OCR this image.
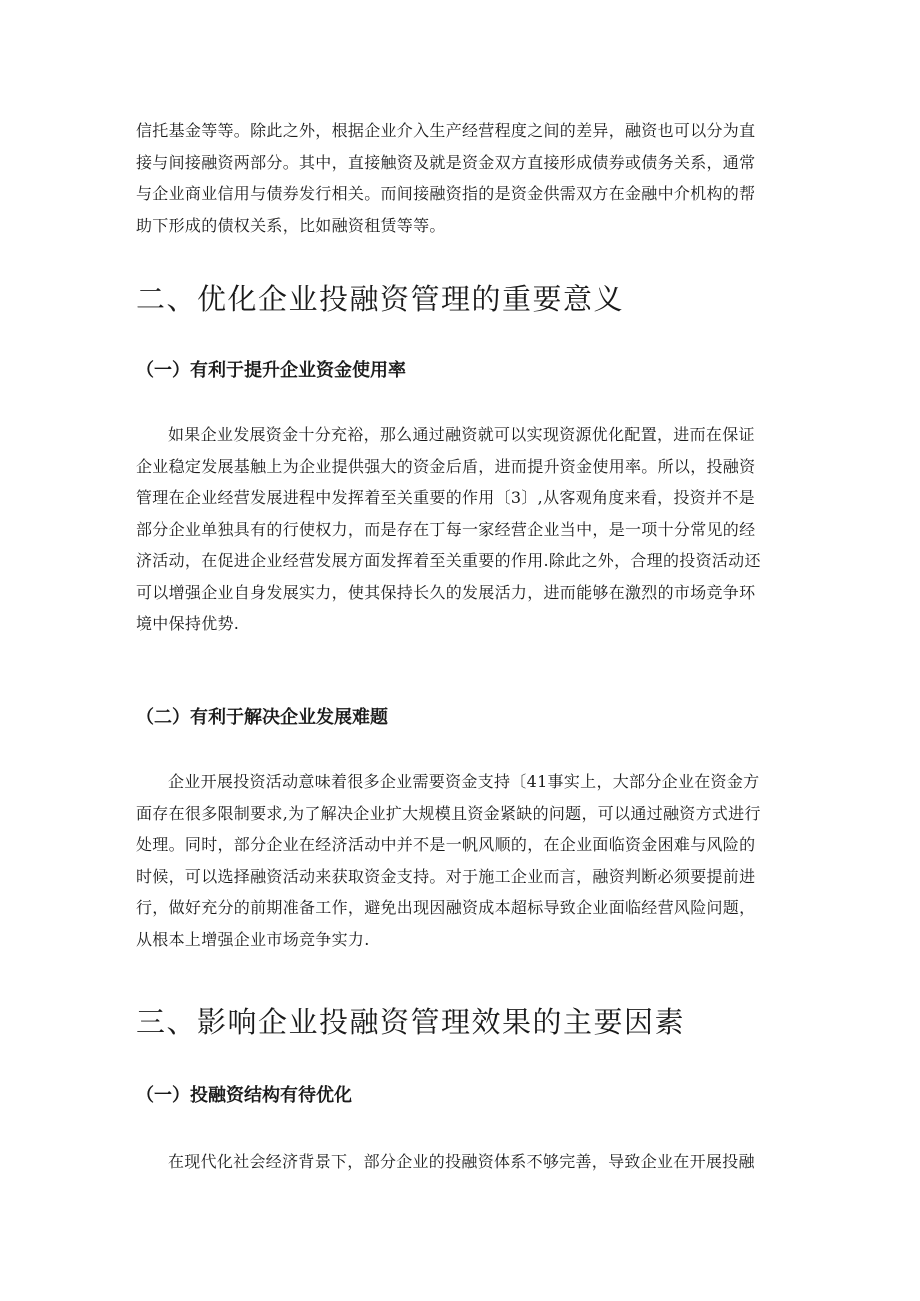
信托基金等等。除此之外，根据企业介入生产经营程度之间的差异，融资也可以分为直
接与间接融资两部分。其中，直接触资及就是资金双方直接形成债券或债务关系，通常
与企业商业信用与债券发行相关。而间接融资指的是资金供需双方在金融中介机构的帮
助下形成的债权关系，比如融资租赁等等。
二、优化企业投融资管理的重要意义
（一）有利于提升企业资金使用率
如果企业发展资金十分充裕，那么通过融资就可以实现资源优化配置，进而在保证
企业稳定发展基触上为企业提供强大的资金后盾，进而提升资金使用率。所以，投融资
管理在企业经营发展进程中发挥着至关重要的作用〔3〕,从客观角度来看，投资并不是
部分企业单独具有的行使权力，而是存在丁每一家经营企业当中，是一项十分常见的经
济活动，在促进企业经营发展方面发挥着至关重要的作用.除此之外，合理的投资活动还
可以增强企业自身发展实力，使其保持长久的发展活力，进而能够在激烈的市场竞争环
境中保持优势.
（二）有利于解决企业发展难题
企业开展投资活动意味着很多企业需要资金支持〔41事实上，大部分企业在资金方
面存在很多限制要求,为了解决企业扩大规模且资金紧缺的问题，可以通过融资方式进行
处理。同时，部分企业在经济活动中并不是一帆风顺的，在企业面临资金困难与风险的
时候，可以选择融资活动来获取资金支持。对于施工企业而言，融资判断必须要提前进
行，做好充分的前期准备工作，避免出现因融资成本超标导致企业面临经营风险问题，
从根本上增强企业市场竞争实力.
三、影响企业投融资管理效果的主要因素
（一）投融资结构有待优化
在现代化社会经济背景下，部分企业的投融资体系不够完善，导致企业在开展投融
